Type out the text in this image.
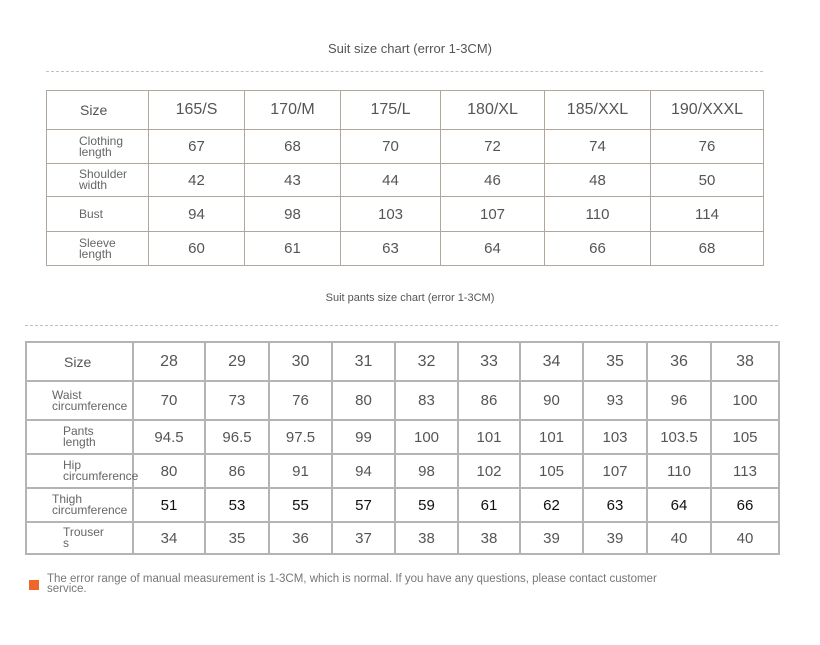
Suit size chart (error 1-3CM)
Size	165/S	170/M	175/L	180/XL	185/XXL	190/XXXL

Clothing
length	67	68	70	72	74	76

Shoulder
width	42	43	44	46	48	50

Bust	94	98	103	107	110	114

Sleeve
length	60	61	63	64	66	68
Suit pants size chart (error 1-3CM)
Size	28	29	30	31	32	33	34	35	36	38

Waist
circumference	70	73	76	80	83	86	90	93	96	100

Pants
length	94.5	96.5	97.5	99	100	101	101	103	103.5	105

Hip
circumference	80	86	91	94	98	102	105	107	110	113

Thigh
circumference	51	53	55	57	59	61	62	63	64	66

Trouser
s	34	35	36	37	38	38	39	39	40	40
The error range of manual measurement is 1-3CM, which is normal. If you have any questions, please contact customer service.
